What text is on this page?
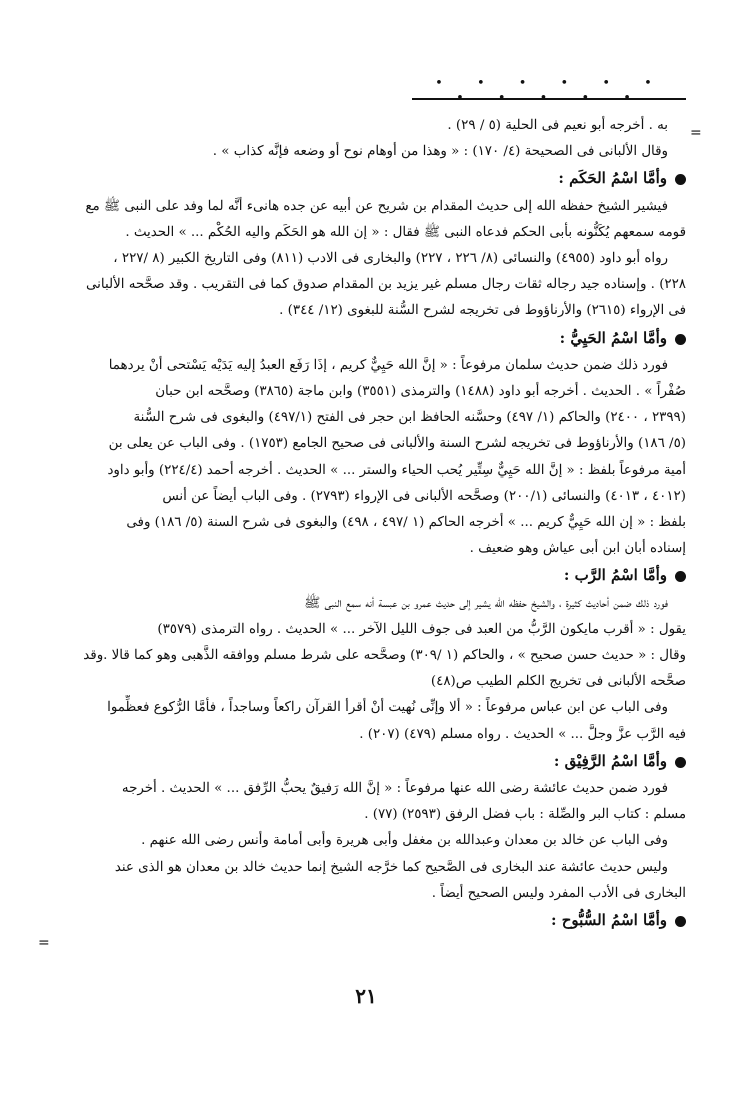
• • • • • • • • • • •
=
=

به . أخرجه أبو نعيم فى الحلية (٥ / ٢٩) .

وقال الألبانى فى الصحيحة (٤/ ١٧٠) : « وهذا من أوهام نوح أو وضعه فإنَّه كذاب » .

وأمَّا اسْمُ الحَكَم :

فيشير الشيخ حفظه الله إلى حديث المقدام بن شريح عن أبيه عن جده هانىء أنَّه لما وفد على النبى ﷺ مع

قومه سمعهم يُكَنُّونه بأبى الحكم فدعاه النبى ﷺ فقال : « إن الله هو الحَكَم واليه الحُكْم ... » الحديث .

رواه أبو داود (٤٩٥٥) والنسائى (٨/ ٢٢٦ ، ٢٢٧) والبخارى فى الادب (٨١١) وفى التاريخ الكبير (٨ /٢٢٧ ،

٢٢٨) . وإسناده جيد رجاله ثقات رجال مسلم غير يزيد بن المقدام صدوق كما فى التقريب . وقد صحَّحه الألبانى

فى الإرواء (٢٦١٥) والأرناؤوط فى تخريجه لشرح السُّنة للبغوى (١٢/ ٣٤٤) .

وأمَّا اسْمُ الحَيِيُّ :

فورد ذلك ضمن حديث سلمان مرفوعاً : « إنَّ الله حَيِيٌّ كريم ، إذَا رَفَع العبدُ إليه يَدَيْه يَسْتحى أنْ يردهما

صُفْراً » . الحديث . أخرجه أبو داود (١٤٨٨) والترمذى (٣٥٥١) وابن ماجة (٣٨٦٥) وصحَّحه ابن حبان

(٢٣٩٩ ، ٢٤٠٠) والحاكم (١/ ٤٩٧) وحسَّنه الحافظ ابن حجر فى الفتح (٤٩٧/١) والبغوى فى شرح السُّنة

(٥/ ١٨٦) والأرناؤوط فى تخريجه لشرح السنة والألبانى فى صحيح الجامع (١٧٥٣) . وفى الباب عن يعلى بن

أمية مرفوعاً بلفظ : « إنَّ الله حَيِيٌّ سِتِّير يُحب الحياء والستر ... » الحديث . أخرجه أحمد (٢٢٤/٤) وأبو داود

(٤٠١٢ ، ٤٠١٣) والنسائى (٢٠٠/١) وصحَّحه الألبانى فى الإرواء (٢٧٩٣) . وفى الباب أيضاً عن أنس

بلفظ : « إن الله حَيِيٌّ كريم ... » أخرجه الحاكم (١ /٤٩٧ ، ٤٩٨) والبغوى فى شرح السنة (٥/ ١٨٦) وفى

إسناده أبان ابن أبى عياش وهو ضعيف .

وأمَّا اسْمُ الرَّب :

فورد ذلك ضمن أحاديث كثيرة ، والشيخ حفظه الله يشير إلى حديث عمرو بن عبسة أنه سمع النبى ﷺ

يقول : « أقرب مايكون الرَّبُّ من العبد فى جوف الليل الآخر ... » الحديث . رواه الترمذى (٣٥٧٩)

وقال : « حديث حسن صحيح » ، والحاكم (١ /٣٠٩) وصحَّحه على شرط مسلم ووافقه الذَّهبى وهو كما قالا .وقد

صحَّحه الألبانى فى تخريج الكلم الطيب ص(٤٨)

وفى الباب عن ابن عباس مرفوعاً : « ألا وإنِّى نُهيت أنْ أقرأ القرآن راكعاً وساجداً ، فأمَّا الرُّكوع فعظِّموا

فيه الرَّب عزَّ وجلَّ ... » الحديث . رواه مسلم (٤٧٩) (٢٠٧) .

وأمَّا اسْمُ الرَّفِيْق :

فورد ضمن حديث عائشة رضى الله عنها مرفوعاً : « إنَّ الله رَفيقٌ يحبُّ الرِّفق ... » الحديث . أخرجه

مسلم : كتاب البر والصِّلة : باب فضل الرفق (٢٥٩٣) (٧٧) .

وفى الباب عن خالد بن معدان وعبدالله بن مغفل وأبى هريرة وأبى أمامة وأنس رضى الله عنهم .

وليس حديث عائشة عند البخارى فى الصَّحيح كما خرَّجه الشيخ إنما حديث خالد بن معدان هو الذى عند

البخارى فى الأدب المفرد وليس الصحيح أيضاً .

وأمَّا اسْمُ السُّبُّوح :

٢١
